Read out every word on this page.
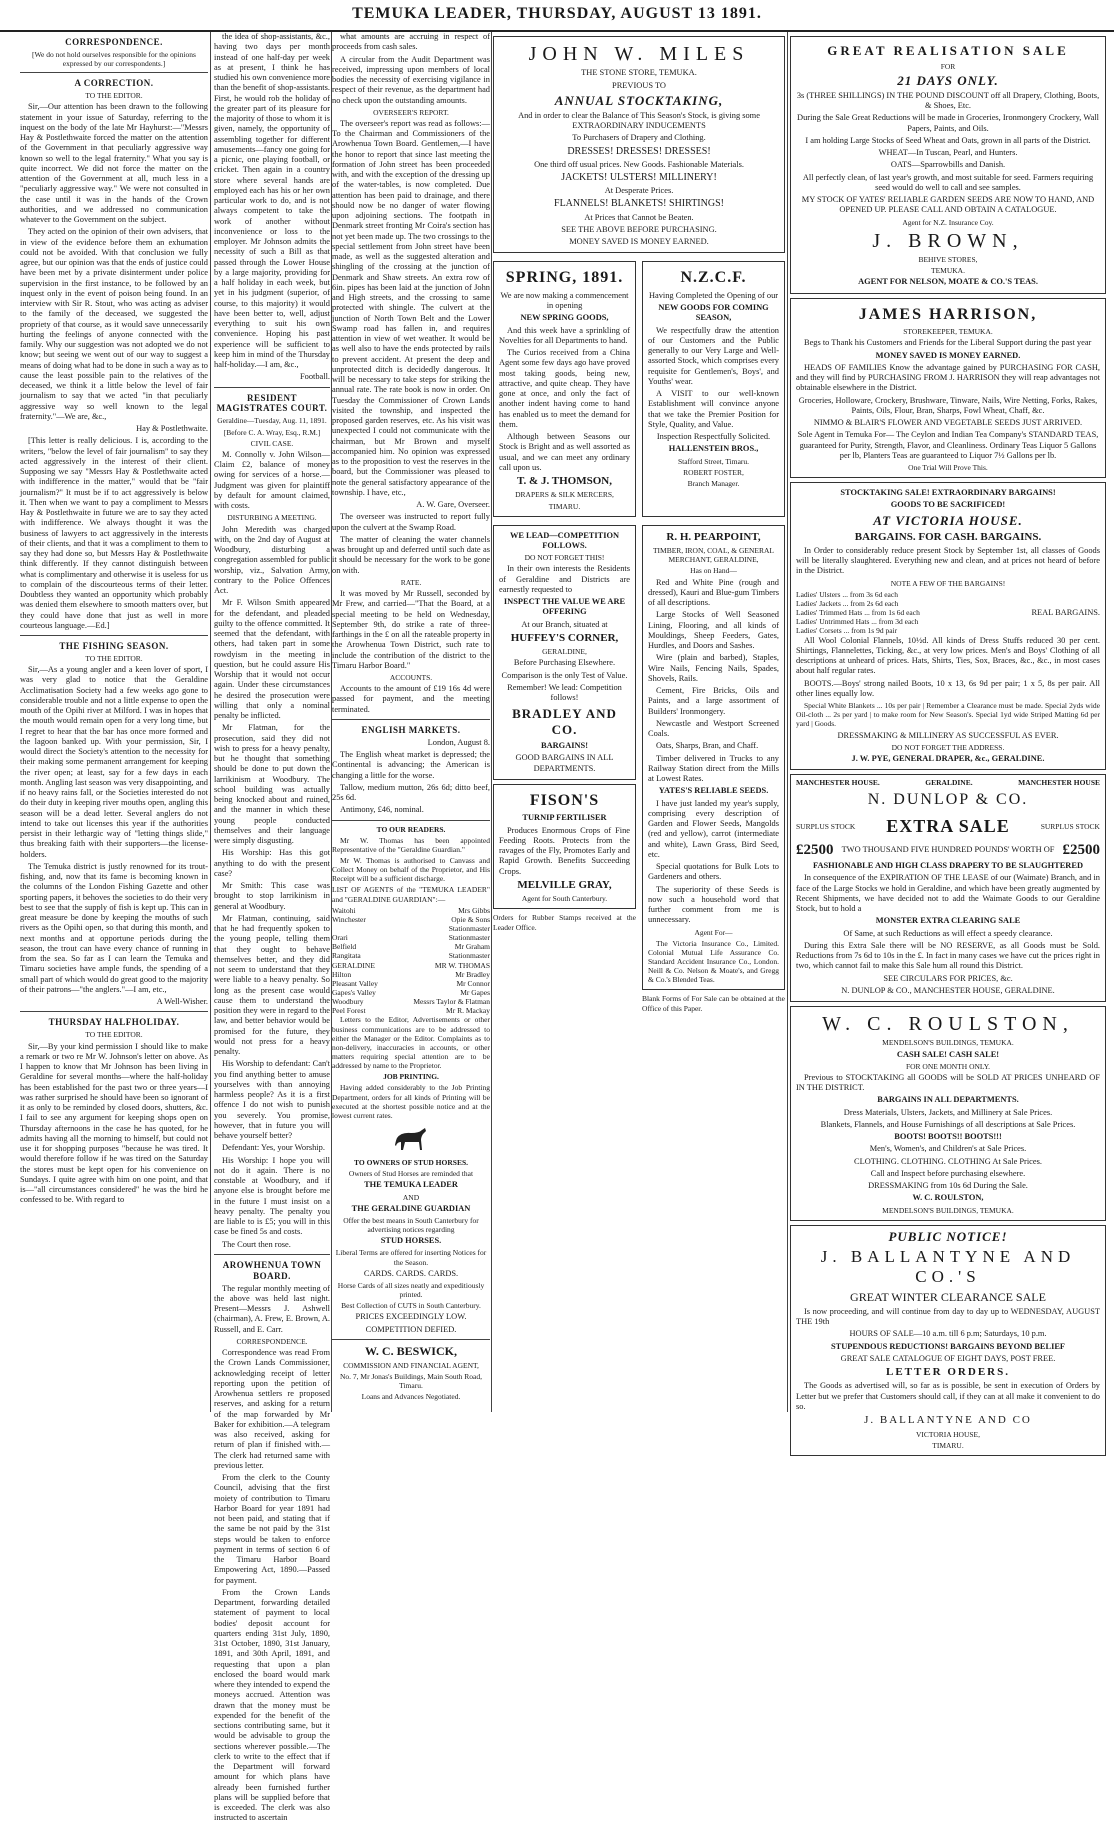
TEMUKA LEADER, THURSDAY, AUGUST 13 1891.
CORRESPONDENCE.

[We do not hold ourselves responsible for the opinions expressed by our correspondents.]

A CORRECTION.
TO THE EDITOR.

Sir,—Our attention has been drawn to the following statement in your issue of Saturday, referring to the inquest on the body of the late Mr Hayhurst:—"Messrs Hay & Postlethwaite forced the matter on the attention of the Government in that peculiarly aggressive way known so well to the legal fraternity." What you say is quite incorrect. We did not force the matter on the attention of the Government at all, much less in a "peculiarly aggressive way." We were not consulted in the case until it was in the hands of the Crown authorities, and we addressed no communication whatever to the Government on the subject.

They acted on the opinion of their own advisers, that in view of the evidence before them an exhumation could not be avoided. With that conclusion we fully agree, but our opinion was that the ends of justice could have been met by a private disinterment under police supervision in the first instance, to be followed by an inquest only in the event of poison being found. In an interview with Sir R. Stout, who was acting as adviser to the family of the deceased, we suggested the propriety of that course, as it would save unnecessarily hurting the feelings of anyone connected with the family. Why our suggestion was not adopted we do not know; but seeing we went out of our way to suggest a means of doing what had to be done in such a way as to cause the least possible pain to the relatives of the deceased, we think it a little below the level of fair journalism to say that we acted "in that peculiarly aggressive way so well known to the legal fraternity."—We are, &c.,

Hay & Postlethwaite.

[This letter is really delicious. I is, according to the writers, "below the level of fair journalism" to say they acted aggressively in the interest of their client. Supposing we say "Messrs Hay & Postlethwaite acted with indifference in the matter," would that be "fair journalism?" It must be if to act aggressively is below it. Then when we want to pay a compliment to Messrs Hay & Postlethwaite in future we are to say they acted with indifference. We always thought it was the business of lawyers to act aggressively in the interests of their clients, and that it was a compliment to them to say they had done so, but Messrs Hay & Postlethwaite think differently. If they cannot distinguish between what is complimentary and otherwise it is useless for us to complain of the discourteous terms of their letter. Doubtless they wanted an opportunity which probably was denied them elsewhere to smooth matters over, but they could have done that just as well in more courteous language.—Ed.]

THE FISHING SEASON.
TO THE EDITOR.

Sir,—As a young angler and a keen lover of sport, I was very glad to notice that the Geraldine Acclimatisation Society had a few weeks ago gone to considerable trouble and not a little expense to open the mouth of the Opihi river at Milford. I was in hopes that the mouth would remain open for a very long time, but I regret to hear that the bar has once more formed and the lagoon banked up. With your permission, Sir, I would direct the Society's attention to the necessity for their making some permanent arrangement for keeping the river open; at least, say for a few days in each month. Angling last season was very disappointing, and if no heavy rains fall, or the Societies interested do not do their duty in keeping river mouths open, angling this season will be a dead letter. Several anglers do not intend to take out licenses this year if the authorities persist in their lethargic way of "letting things slide," thus breaking faith with their supporters—the license-holders.

The Temuka district is justly renowned for its trout-fishing, and, now that its fame is becoming known in the columns of the London Fishing Gazette and other sporting papers, it behoves the societies to do their very best to see that the supply of fish is kept up. This can in great measure be done by keeping the mouths of such rivers as the Opihi open, so that during this month, and next months and at opportune periods during the season, the trout can have every chance of running in from the sea. So far as I can learn the Temuka and Timaru societies have ample funds, the spending of a small part of which would do great good to the majority of their patrons—"the anglers."—I am, etc.,

A Well-Wisher.

THURSDAY HALFHOLIDAY.
TO THE EDITOR.

Sir,—By your kind permission I should like to make a remark or two re Mr W. Johnson's letter on above. As I happen to know that Mr Johnson has been living in Geraldine for several months—where the half-holiday has been established for the past two or three years—I was rather surprised he should have been so ignorant of it as only to be reminded by closed doors, shutters, &c. I fail to see any argument for keeping shops open on Thursday afternoons in the case he has quoted, for he admits having all the morning to himself, but could not use it for shopping purposes "because he was tired. It would therefore follow if he was tired on the Saturday the stores must be kept open for his convenience on Sundays. I quite agree with him on one point, and that is—"all circumstances considered" he was the bird he confessed to be. With regard to

the idea of shop-assistants, &c., having two days per month instead of one half-day per week as at present, I think he has studied his own convenience more than the benefit of shop-assistants. First, he would rob the holiday of the greater part of its pleasure for the majority of those to whom it is given, namely, the opportunity of assembling together for different amusements—fancy one going for a picnic, one playing football, or cricket. Then again in a country store where several hands are employed each has his or her own particular work to do, and is not always competent to take the work of another without inconvenience or loss to the employer. Mr Johnson admits the necessity of such a Bill as that passed through the Lower House by a large majority, providing for a half holiday in each week, but yet in his judgment (superior, of course, to this majority) it would have been better to, well, adjust everything to suit his own convenience. Hoping his past experience will be sufficient to keep him in mind of the Thursday half-holiday.—I am, &c.,

Football.

RESIDENT MAGISTRATES COURT.

Geraldine—Tuesday, Aug. 11, 1891.

[Before C. A. Wray, Esq., R.M.]

CIVIL CASE.

M. Connolly v. John Wilson—Claim £2, balance of money owing for services of a horse.—Judgment was given for plaintiff by default for amount claimed, with costs.

DISTURBING A MEETING.

John Meredith was charged with, on the 2nd day of August at Woodbury, disturbing a congregation assembled for public worship, viz., Salvation Army, contrary to the Police Offences Act.

Mr F. Wilson Smith appeared for the defendant, and pleaded guilty to the offence committed. It seemed that the defendant, with others, had taken part in some rowdyism in the meeting in question, but he could assure His Worship that it would not occur again. Under these circumstances he desired the prosecution were willing that only a nominal penalty be inflicted.

Mr Flatman, for the prosecution, said they did not wish to press for a heavy penalty, but he thought that something should be done to put down the larrikinism at Woodbury. The school building was actually being knocked about and ruined, and the manner in which these young people conducted themselves and their language were simply disgusting.

His Worship: Has this got anything to do with the present case?

Mr Smith: This case was brought to stop larrikinism in general at Woodbury.

Mr Flatman, continuing, said that he had frequently spoken to the young people, telling them that they ought to behave themselves better, and they did not seem to understand that they were liable to a heavy penalty. So long as the present case would cause them to understand the position they were in regard to the law, and better behavior would be promised for the future, they would not press for a heavy penalty.

His Worship to defendant: Can't you find anything better to amuse yourselves with than annoying harmless people? As it is a first offence I do not wish to punish you severely. You promise, however, that in future you will behave yourself better?

Defendant: Yes, your Worship.

His Worship: I hope you will not do it again. There is no constable at Woodbury, and if anyone else is brought before me in the future I must insist on a heavy penalty. The penalty you are liable to is £5; you will in this case be fined 5s and costs.

The Court then rose.

AROWHENUA TOWN BOARD.

The regular monthly meeting of the above was held last night. Present—Messrs J. Ashwell (chairman), A. Frew, E. Brown, A. Russell, and E. Carr.

CORRESPONDENCE.

Correspondence was read From the Crown Lands Commissioner, acknowledging receipt of letter reporting upon the petition of Arowhenua settlers re proposed reserves, and asking for a return of the map forwarded by Mr Baker for exhibition.—A telegram was also received, asking for return of plan if finished with.—The clerk had returned same with previous letter.

From the clerk to the County Council, advising that the first moiety of contribution to Timaru Harbor Board for year 1891 had not been paid, and stating that if the same be not paid by the 31st steps would be taken to enforce payment in terms of section 6 of the Timaru Harbor Board Empowering Act, 1890.—Passed for payment.

From the Crown Lands Department, forwarding detailed statement of payment to local bodies' deposit account for quarters ending 31st July, 1890, 31st October, 1890, 31st January, 1891, and 30th April, 1891, and requesting that upon a plan enclosed the board would mark where they intended to expend the moneys accrued. Attention was drawn that the money must be expended for the benefit of the sections contributing same, but it would be advisable to group the sections wherever possible.—The clerk to write to the effect that if the Department will forward amount for which plans have already been furnished further plans will be supplied before that is exceeded. The clerk was also instructed to ascertain

what amounts are accruing in respect of proceeds from cash sales.

A circular from the Audit Department was received, impressing upon members of local bodies the necessity of exercising vigilance in respect of their revenue, as the department had no check upon the outstanding amounts.

OVERSEER'S REPORT.

The overseer's report was read as follows:—To the Chairman and Commissioners of the Arowhenua Town Board. Gentlemen,—I have the honor to report that since last meeting the formation of John street has been proceeded with, and with the exception of the dressing up of the water-tables, is now completed. Due attention has been paid to drainage, and there should now be no danger of water flowing upon adjoining sections. The footpath in Denmark street fronting Mr Coira's section has not yet been made up. The two crossings to the special settlement from John street have been made, as well as the suggested alteration and shingling of the crossing at the junction of Denmark and Shaw streets. An extra row of 6in. pipes has been laid at the junction of John and High streets, and the crossing to same protected with shingle. The culvert at the junction of North Town Belt and the Lower Swamp road has fallen in, and requires attention in view of wet weather. It would be as well also to have the ends protected by rails to prevent accident. At present the deep and unprotected ditch is decidedly dangerous. It will be necessary to take steps for striking the annual rate. The rate book is now in order. On Tuesday the Commissioner of Crown Lands visited the township, and inspected the proposed garden reserves, etc. As his visit was unexpected I could not communicate with the chairman, but Mr Brown and myself accompanied him. No opinion was expressed as to the proposition to vest the reserves in the board, but the Commissioner was pleased to note the general satisfactory appearance of the township. I have, etc.,

A. W. Gare, Overseer.

The overseer was instructed to report fully upon the culvert at the Swamp Road.

The matter of cleaning the water channels was brought up and deferred until such date as it should be necessary for the work to be gone on with.

RATE.

It was moved by Mr Russell, seconded by Mr Frew, and carried—"That the Board, at a special meeting to be held on Wednesday, September 9th, do strike a rate of three-farthings in the £ on all the rateable property in the Arowhenua Town District, such rate to include the contribution of the district to the Timaru Harbor Board."

ACCOUNTS.

Accounts to the amount of £19 16s 4d were passed for payment, and the meeting terminated.

ENGLISH MARKETS.

London, August 8.

The English wheat market is depressed; the Continental is advancing; the American is changing a little for the worse.

Tallow, medium mutton, 26s 6d; ditto beef, 25s 6d.

Antimony, £46, nominal.

TO OUR READERS.

Mr W. Thomas has been appointed Representative of the "Geraldine Guardian."

Mr W. Thomas is authorised to Canvass and Collect Money on behalf of the Proprietor, and His Receipt will be a sufficient discharge.

LIST OF AGENTS of the "TEMUKA LEADER" and "GERALDINE GUARDIAN":—

Waitohi	Mrs Gibbs
Winchester	Opie & Sons
Stationmaster
Orari	Stationmaster
Belfield	Mr Graham
Rangitata	Stationmaster
GERALDINE	MR W. THOMAS
Hilton	Mr Bradley
Pleasant Valley	Mr Connor
Gapes's Valley	Mr Gapes
Woodbury	Messrs Taylor & Flatman
Peel Forest	Mr R. Mackay

Letters to the Editor, Advertisements or other business communications are to be addressed to either the Manager or the Editor. Complaints as to non-delivery, inaccuracies in accounts, or other matters requiring special attention are to be addressed by name to the Proprietor.

JOB PRINTING.

Having added considerably to the Job Printing Department, orders for all kinds of Printing will be executed at the shortest possible notice and at the lowest current rates.

TO OWNERS OF STUD HORSES.

Owners of Stud Horses are reminded that

THE TEMUKA LEADER

AND

THE GERALDINE GUARDIAN

Offer the best means in South Canterbury for advertising notices regarding

STUD HORSES.

Liberal Terms are offered for inserting Notices for the Season.

CARDS. CARDS. CARDS.

Horse Cards of all sizes neatly and expeditiously printed.

Best Collection of CUTS in South Canterbury.

PRICES EXCEEDINGLY LOW.

COMPETITION DEFIED.

W. C. BESWICK,

COMMISSION AND FINANCIAL AGENT,

No. 7, Mr Jonas's Buildings, Main South Road, Timaru.

Loans and Advances Negotiated.

JOHN W. MILES

THE STONE STORE, TEMUKA.

PREVIOUS TO

ANNUAL STOCKTAKING,

And in order to clear the Balance of This Season's Stock, is giving some EXTRAORDINARY INDUCEMENTS

To Purchasers of Drapery and Clothing.

DRESSES! DRESSES! DRESSES!

One third off usual prices. New Goods. Fashionable Materials.

JACKETS! ULSTERS! MILLINERY!

At Desperate Prices.

FLANNELS! BLANKETS! SHIRTINGS!

At Prices that Cannot be Beaten.

SEE THE ABOVE BEFORE PURCHASING.

MONEY SAVED IS MONEY EARNED.

SPRING, 1891.

We are now making a commencement in opening

NEW SPRING GOODS,

And this week have a sprinkling of Novelties for all Departments to hand.

The Curios received from a China Agent some few days ago have proved most taking goods, being new, attractive, and quite cheap. They have gone at once, and only the fact of another indent having come to hand has enabled us to meet the demand for them.

Although between Seasons our Stock is Bright and as well assorted as usual, and we can meet any ordinary call upon us.

T. & J. THOMSON,

DRAPERS & SILK MERCERS,

TIMARU.

N.Z.C.F.

Having Completed the Opening of our

NEW GOODS FOR COMING SEASON,

We respectfully draw the attention of our Customers and the Public generally to our Very Large and Well-assorted Stock, which comprises every requisite for Gentlemen's, Boys', and Youths' wear.

A VISIT to our well-known Establishment will convince anyone that we take the Premier Position for Style, Quality, and Value.

Inspection Respectfully Solicited.

HALLENSTEIN BROS.,

Stafford Street, Timaru.

ROBERT FOSTER,

Branch Manager.

WE LEAD—COMPETITION FOLLOWS.

DO NOT FORGET THIS!

In their own interests the Residents of Geraldine and Districts are earnestly requested to

INSPECT THE VALUE WE ARE OFFERING

At our Branch, situated at

HUFFEY'S CORNER,

GERALDINE,

Before Purchasing Elsewhere.

Comparison is the only Test of Value.

Remember! We lead: Competition follows!

BRADLEY AND CO.

BARGAINS!

GOOD BARGAINS IN ALL DEPARTMENTS.

FISON'S

TURNIP FERTILISER

Produces Enormous Crops of Fine Feeding Roots. Protects from the ravages of the Fly, Promotes Early and Rapid Growth. Benefits Succeeding Crops.

MELVILLE GRAY,

Agent for South Canterbury.

Orders for Rubber Stamps received at the Leader Office.

R. H. PEARPOINT,

TIMBER, IRON, COAL, & GENERAL MERCHANT, GERALDINE,

Has on Hand—

Red and White Pine (rough and dressed), Kauri and Blue-gum Timbers of all descriptions.

Large Stocks of Well Seasoned Lining, Flooring, and all kinds of Mouldings, Sheep Feeders, Gates, Hurdles, and Doors and Sashes.

Wire (plain and barbed), Staples, Wire Nails, Fencing Nails, Spades, Shovels, Rails.

Cement, Fire Bricks, Oils and Paints, and a large assortment of Builders' Ironmongery.

Newcastle and Westport Screened Coals.

Oats, Sharps, Bran, and Chaff.

Timber delivered in Trucks to any Railway Station direct from the Mills at Lowest Rates.

YATES'S RELIABLE SEEDS.

I have just landed my year's supply, comprising every description of Garden and Flower Seeds, Mangolds (red and yellow), carrot (intermediate and white), Lawn Grass, Bird Seed, etc.

Special quotations for Bulk Lots to Gardeners and others.

The superiority of these Seeds is now such a household word that further comment from me is unnecessary.

Agent For—

The Victoria Insurance Co., Limited. Colonial Mutual Life Assurance Co. Standard Accident Insurance Co., London. Neill & Co. Nelson & Moate's, and Gregg & Co.'s Blended Teas.

Blank Forms of For Sale can be obtained at the Office of this Paper.

GREAT REALISATION SALE

FOR

21 DAYS ONLY.

3s (THREE SHILLINGS) IN THE POUND DISCOUNT off all Drapery, Clothing, Boots, & Shoes, Etc.

During the Sale Great Reductions will be made in Groceries, Ironmongery Crockery, Wall Papers, Paints, and Oils.

I am holding Large Stocks of Seed Wheat and Oats, grown in all parts of the District.

WHEAT—In Tuscan, Pearl, and Hunters.

OATS—Sparrowbills and Danish.

All perfectly clean, of last year's growth, and most suitable for seed. Farmers requiring seed would do well to call and see samples.

MY STOCK OF YATES' RELIABLE GARDEN SEEDS ARE NOW TO HAND, AND OPENED UP. PLEASE CALL AND OBTAIN A CATALOGUE.

Agent for N.Z. Insurance Coy.

J. BROWN,

BEHIVE STORES,

TEMUKA.

AGENT FOR NELSON, MOATE & CO.'S TEAS.

JAMES HARRISON,

STOREKEEPER, TEMUKA.

Begs to Thank his Customers and Friends for the Liberal Support during the past year

MONEY SAVED IS MONEY EARNED.

HEADS OF FAMILIES Know the advantage gained by PURCHASING FOR CASH, and they will find by PURCHASING FROM J. HARRISON they will reap advantages not obtainable elsewhere in the District.

Groceries, Holloware, Crockery, Brushware, Tinware, Nails, Wire Netting, Forks, Rakes, Paints, Oils, Flour, Bran, Sharps, Fowl Wheat, Chaff, &c.

NIMMO & BLAIR'S FLOWER AND VEGETABLE SEEDS JUST ARRIVED.

Sole Agent in Temuka For— The Ceylon and Indian Tea Company's STANDARD TEAS, guaranteed for Purity, Strength, Flavor, and Cleanliness. Ordinary Teas Liquor 5 Gallons per lb, Planters Teas are guaranteed to Liquor 7½ Gallons per lb.

One Trial Will Prove This.

STOCKTAKING SALE! EXTRAORDINARY BARGAINS!

GOODS TO BE SACRIFICED!

AT VICTORIA HOUSE.

BARGAINS. FOR CASH. BARGAINS.

In Order to considerably reduce present Stock by September 1st, all classes of Goods will be literally slaughtered. Everything new and clean, and at prices not heard of before in the District.

NOTE A FEW OF THE BARGAINS!

Ladies' Ulsters ... from 3s 6d each
Ladies' Jackets ... from 2s 6d each
Ladies' Trimmed Hats ... from 1s 6d each
Ladies' Untrimmed Hats ... from 3d each
Ladies' Corsets ... from 1s 9d pair
REAL BARGAINS.

All Wool Colonial Flannels, 10½d. All kinds of Dress Stuffs reduced 30 per cent. Shirtings, Flannelettes, Ticking, &c., at very low prices. Men's and Boys' Clothing of all descriptions at unheard of prices. Hats, Shirts, Ties, Sox, Braces, &c., &c., in most cases about half regular rates.

BOOTS.—Boys' strong nailed Boots, 10 x 13, 6s 9d per pair; 1 x 5, 8s per pair. All other lines equally low.

Special White Blankets ... 10s per pair | Remember a Clearance must be made. Special 2yds wide Oil-cloth ... 2s per yard | to make room for New Season's. Special 1yd wide Striped Matting 6d per yard | Goods.

DRESSMAKING & MILLINERY AS SUCCESSFUL AS EVER.

DO NOT FORGET THE ADDRESS.

J. W. PYE, GENERAL DRAPER, &c., GERALDINE.

MANCHESTER HOUSE.	GERALDINE.	MANCHESTER HOUSE
N. DUNLOP & CO.
SURPLUS STOCK EXTRA SALE	SURPLUS STOCK
£2500 TWO THOUSAND FIVE HUNDRED POUNDS' WORTH OF £2500

FASHIONABLE AND HIGH CLASS DRAPERY TO BE SLAUGHTERED

In consequence of the EXPIRATION OF THE LEASE of our (Waimate) Branch, and in face of the Large Stocks we hold in Geraldine, and which have been greatly augmented by Recent Shipments, we have decided not to add the Waimate Goods to our Geraldine Stock, but to hold a

MONSTER EXTRA CLEARING SALE

Of Same, at such Reductions as will effect a speedy clearance.

During this Extra Sale there will be NO RESERVE, as all Goods must be Sold. Reductions from 7s 6d to 10s in the £. In fact in many cases we have cut the prices right in two, which cannot fail to make this Sale hum all round this District.

SEE CIRCULARS FOR PRICES, &c.

N. DUNLOP & CO., MANCHESTER HOUSE, GERALDINE.

W. C. ROULSTON,

MENDELSON'S BUILDINGS, TEMUKA.

CASH SALE! CASH SALE!

FOR ONE MONTH ONLY.

Previous to STOCKTAKING all GOODS will be SOLD AT PRICES UNHEARD OF IN THE DISTRICT.

BARGAINS IN ALL DEPARTMENTS.

Dress Materials, Ulsters, Jackets, and Millinery at Sale Prices.

Blankets, Flannels, and House Furnishings of all descriptions at Sale Prices.

BOOTS! BOOTS!! BOOTS!!!

Men's, Women's, and Children's at Sale Prices.

CLOTHING. CLOTHING. CLOTHING At Sale Prices.

Call and Inspect before purchasing elsewhere.

DRESSMAKING from 10s 6d During the Sale.

W. C. ROULSTON,

MENDELSON'S BUILDINGS, TEMUKA.

PUBLIC NOTICE!
J. BALLANTYNE AND CO.'S

GREAT WINTER CLEARANCE SALE

Is now proceeding, and will continue from day to day up to WEDNESDAY, AUGUST THE 19th

HOURS OF SALE—10 a.m. till 6 p.m; Saturdays, 10 p.m.

STUPENDOUS REDUCTIONS! BARGAINS BEYOND BELIEF

GREAT SALE CATALOGUE OF EIGHT DAYS, POST FREE.

LETTER ORDERS.

The Goods as advertised will, so far as is possible, be sent in execution of Orders by Letter but we prefer that Customers should call, if they can at all make it convenient to do so.

J. BALLANTYNE AND CO

VICTORIA HOUSE,

TIMARU.
